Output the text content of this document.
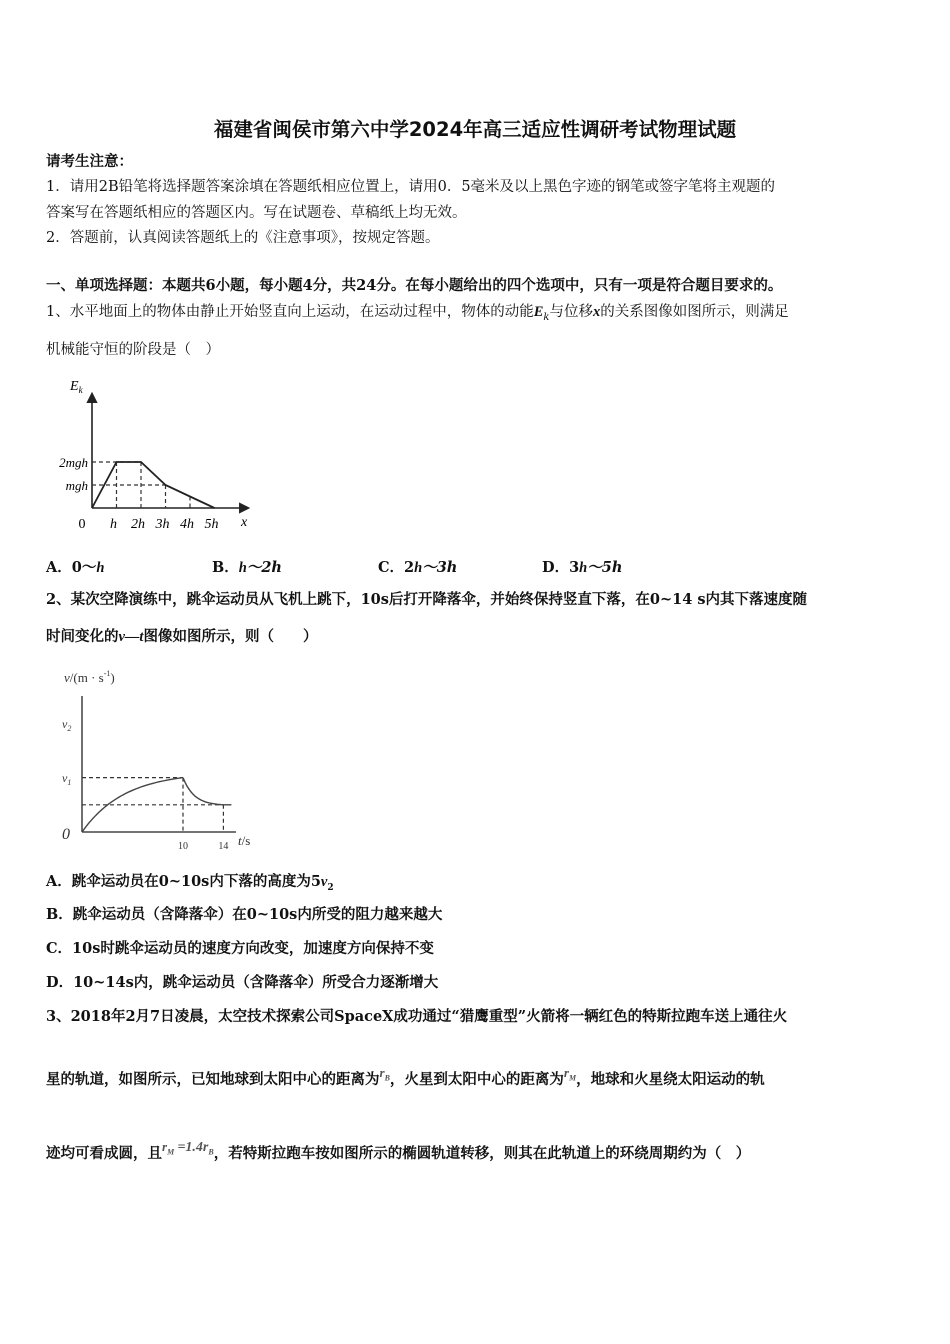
福建省闽侯市第六中学2024年高三适应性调研考试物理试题
请考生注意：
1．请用2B铅笔将选择题答案涂填在答题纸相应位置上，请用0．5毫米及以上黑色字迹的钢笔或签字笔将主观题的
答案写在答题纸相应的答题区内。写在试题卷、草稿纸上均无效。
2．答题前，认真阅读答题纸上的《注意事项》，按规定答题。
一、单项选择题：本题共6小题，每小题4分，共24分。在每小题给出的四个选项中，只有一项是符合题目要求的。
1、水平地面上的物体由静止开始竖直向上运动，在运动过程中，物体的动能$E_k$与位移x的关系图像如图所示，则满足
机械能守恒的阶段是（　）
$E_k$
x
mgh
2mgh
0 h 2h 3h 4h 5h
A．0～h	B．h～2h	C．2h～3h	D．3h～5h
2、某次空降演练中，跳伞运动员从飞机上跳下，10s后打开降落伞，并始终保持竖直下落，在0~14 s内其下落速度随
时间变化的v—t图像如图所示，则（　　）
$v/(m \cdot s^{-1})$
0	t/s
$v_2$
$v_1$
10	14
A．跳伞运动员在0~10s内下落的高度为$5v_2$
B．跳伞运动员（含降落伞）在0~10s内所受的阻力越来越大
C．10s时跳伞运动员的速度方向改变，加速度方向保持不变
D．10~14s内，跳伞运动员（含降落伞）所受合力逐渐增大
3、2018年2月7日凌晨，太空技术探索公司SpaceX成功通过“猎鹰重型”火箭将一辆红色的特斯拉跑车送上通往火
星的轨道，如图所示，已知地球到太阳中心的距离为$r_B$，火星到太阳中心的距离为$r_M$，地球和火星绕太阳运动的轨
迹均可看成圆，且$r_M =1.4r_B$，若特斯拉跑车按如图所示的椭圆轨道转移，则其在此轨道上的环绕周期约为（　）
